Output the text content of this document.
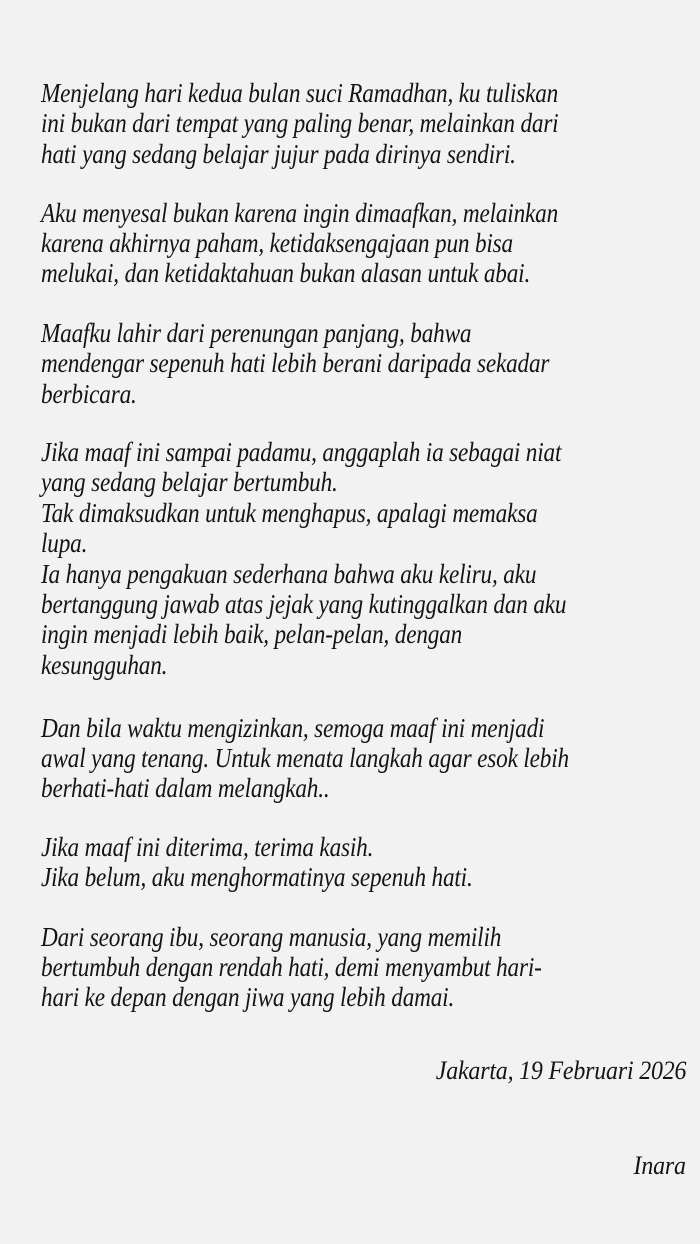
Menjelang hari kedua bulan suci Ramadhan, ku tuliskan
ini bukan dari tempat yang paling benar, melainkan dari
hati yang sedang belajar jujur pada dirinya sendiri.
Aku menyesal bukan karena ingin dimaafkan, melainkan
karena akhirnya paham, ketidaksengajaan pun bisa
melukai, dan ketidaktahuan bukan alasan untuk abai.
Maafku lahir dari perenungan panjang, bahwa
mendengar sepenuh hati lebih berani daripada sekadar
berbicara.
Jika maaf ini sampai padamu, anggaplah ia sebagai niat
yang sedang belajar bertumbuh.
Tak dimaksudkan untuk menghapus, apalagi memaksa
lupa.
Ia hanya pengakuan sederhana bahwa aku keliru, aku
bertanggung jawab atas jejak yang kutinggalkan dan aku
ingin menjadi lebih baik, pelan-pelan, dengan
kesungguhan.
Dan bila waktu mengizinkan, semoga maaf ini menjadi
awal yang tenang. Untuk menata langkah agar esok lebih
berhati-hati dalam melangkah..
Jika maaf ini diterima, terima kasih.
Jika belum, aku menghormatinya sepenuh hati.
Dari seorang ibu, seorang manusia, yang memilih
bertumbuh dengan rendah hati, demi menyambut hari-
hari ke depan dengan jiwa yang lebih damai.
Jakarta, 19 Februari 2026
Inara
